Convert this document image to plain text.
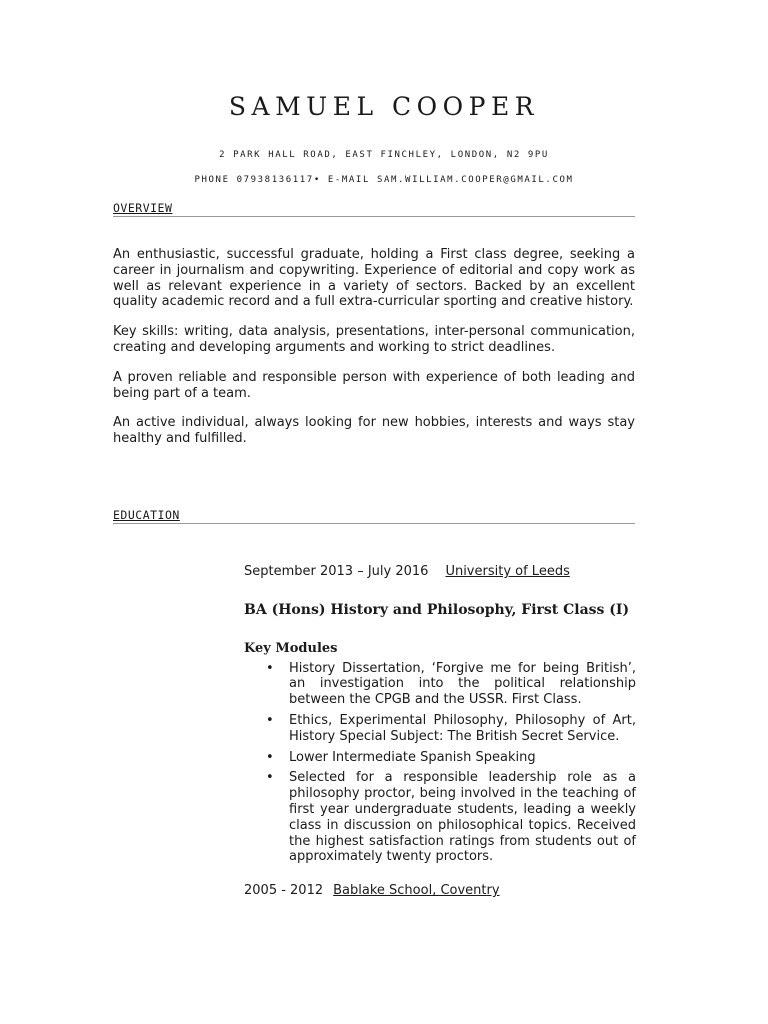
SAMUEL COOPER
2 PARK HALL ROAD, EAST FINCHLEY, LONDON, N2 9PU
PHONE 07938136117• E-MAIL SAM.WILLIAM.COOPER@GMAIL.COM
OVERVIEW

An enthusiastic, successful graduate, holding a First class degree, seeking a career in journalism and copywriting. Experience of editorial and copy work as well as relevant experience in a variety of sectors. Backed by an excellent quality academic record and a full extra-curricular sporting and creative history.

Key skills: writing, data analysis, presentations, inter-personal communication, creating and developing arguments and working to strict deadlines.

A proven reliable and responsible person with experience of both leading and being part of a team.

An active individual, always looking for new hobbies, interests and ways stay healthy and fulfilled.

EDUCATION
September 2013 – July 2016 University of Leeds
BA (Hons) History and Philosophy, First Class (I)
Key Modules
• History Dissertation, ‘Forgive me for being British’, an investigation into the political relationship between the CPGB and the USSR. First Class.
• Ethics, Experimental Philosophy, Philosophy of Art, History Special Subject: The British Secret Service.
• Lower Intermediate Spanish Speaking
• Selected for a responsible leadership role as a philosophy proctor, being involved in the teaching of first year undergraduate students, leading a weekly class in discussion on philosophical topics. Received the highest satisfaction ratings from students out of approximately twenty proctors.
2005 - 2012 Bablake School, Coventry
